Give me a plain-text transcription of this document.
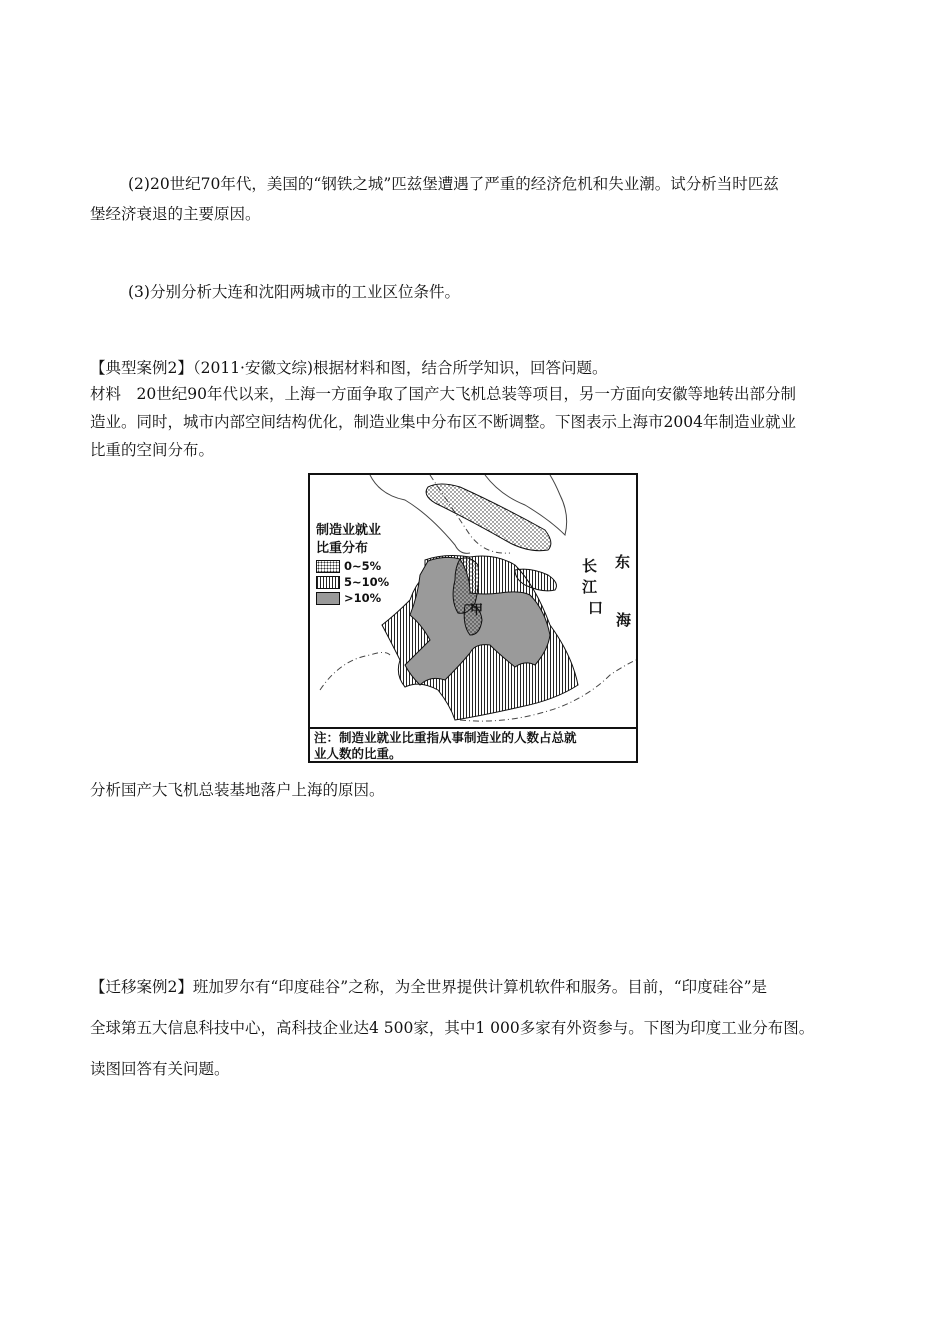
(2)20世纪70年代，美国的“钢铁之城”匹兹堡遭遇了严重的经济危机和失业潮。试分析当时匹兹
堡经济衰退的主要原因。
(3)分别分析大连和沈阳两城市的工业区位条件。
【典型案例2】（2011·安徽文综)根据材料和图，结合所学知识，回答问题。
材料　20世纪90年代以来，上海一方面争取了国产大飞机总装等项目，另一方面向安徽等地转出部分制
造业。同时，城市内部空间结构优化，制造业集中分布区不断调整。下图表示上海市2004年制造业就业
比重的空间分布。
制造业就业
比重分布
0~5%
5~10%
>10%
长
江
口
东
海
甲
注：制造业就业比重指从事制造业的人数占总就
业人数的比重。
分析国产大飞机总装基地落户上海的原因。
【迁移案例2】班加罗尔有“印度硅谷”之称，为全世界提供计算机软件和服务。目前，“印度硅谷”是
全球第五大信息科技中心，高科技企业达4 500家，其中1 000多家有外资参与。下图为印度工业分布图。
读图回答有关问题。
